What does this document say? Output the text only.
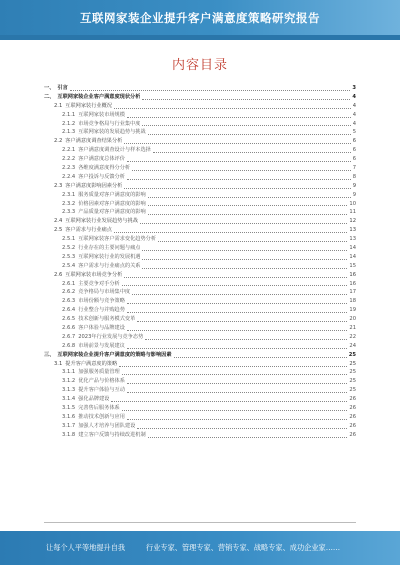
互联网家装企业提升客户满意度策略研究报告
内容目录
一、 引言	3
二、 互联网家装企业客户满意度现状分析	4
2.1 互联网家装行业概况	4
2.1.1 互联网家装市场规模	4
2.1.2 市场竞争格局与行业集中度	4
2.1.3 互联网家装的发展趋势与挑战	5
2.2 客户满意度调查结果分析	6
2.2.1 客户满意度调查设计与样本选择	6
2.2.2 客户满意度总体评价	6
2.2.3 各维度满意度得分分析	7
2.2.4 客户投诉与反馈分析	8
2.3 客户满意度影响因素分析	9
2.3.1 服务质量对客户满意度的影响	9
2.3.2 价格因素对客户满意度的影响	10
2.3.3 产品质量对客户满意度的影响	11
2.4 互联网家装行业发展趋势与挑战	12
2.5 客户需求与行业痛点	13
2.5.1 互联网家装客户需求变化趋势分析	13
2.5.2 行业存在的主要问题与痛点	14
2.5.3 互联网家装行业的发展机遇	14
2.5.4 客户需求与行业痛点的关系	15
2.6 互联网家装市场竞争分析	16
2.6.1 主要竞争对手分析	16
2.6.2 竞争格局与市场集中度	17
2.6.3 市场份额与竞争策略	18
2.6.4 行业整合与并购趋势	19
2.6.5 技术创新与服务模式变革	20
2.6.6 客户体验与品牌建设	21
2.6.7 2023年行业发展与竞争态势	22
2.6.8 市场前景与发展建议	24
三、 互联网家装企业提升客户满意度的策略与影响因素	25
3.1 提升客户满意度的策略	25
3.1.1 加强服务质量管理	25
3.1.2 优化产品与价格体系	25
3.1.3 提升客户体验与互动	25
3.1.4 强化品牌建设	26
3.1.5 完善售后服务体系	26
3.1.6 推动技术创新与应用	26
3.1.7 加强人才培养与团队建设	26
3.1.8 建立客户反馈与持续改进机制	26
让每个人平等地提升自我	行业专家、管理专家、营销专家、战略专家、成功企业家……
